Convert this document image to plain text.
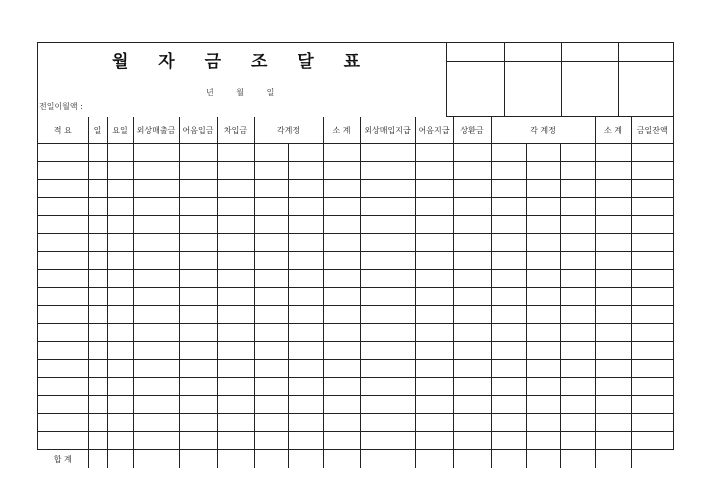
월 자 금 조 달 표
년	월	일
전일이월액 :
적 요	일	요일	외상매출금	어음입금	차입금	각계정		소 계	외상매입지급	어음지급	상환금	각 계정			소 계	금일잔액

합 계																
